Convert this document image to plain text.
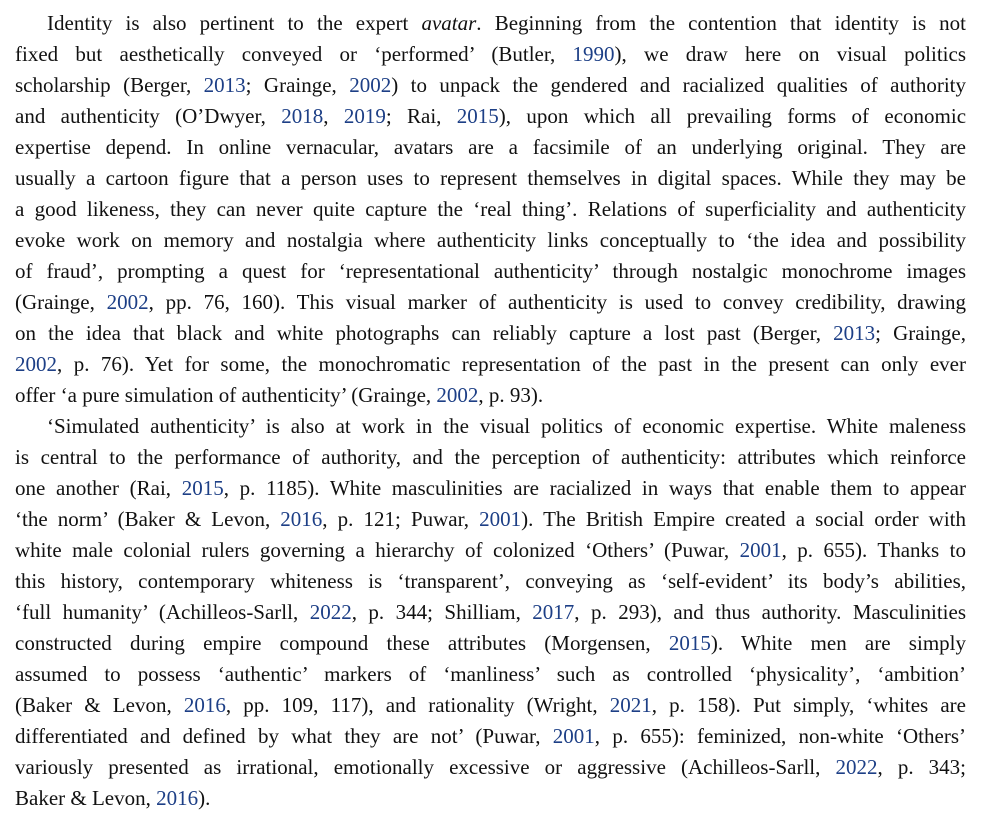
Identity is also pertinent to the expert avatar. Beginning from the contention that identity is not

fixed but aesthetically conveyed or ‘performed’ (Butler, 1990), we draw here on visual politics

scholarship (Berger, 2013; Grainge, 2002) to unpack the gendered and racialized qualities of authority

and authenticity (O’Dwyer, 2018, 2019; Rai, 2015), upon which all prevailing forms of economic

expertise depend. In online vernacular, avatars are a facsimile of an underlying original. They are

usually a cartoon figure that a person uses to represent themselves in digital spaces. While they may be

a good likeness, they can never quite capture the ‘real thing’. Relations of superficiality and authenticity

evoke work on memory and nostalgia where authenticity links conceptually to ‘the idea and possibility

of fraud’, prompting a quest for ‘representational authenticity’ through nostalgic monochrome images

(Grainge, 2002, pp. 76, 160). This visual marker of authenticity is used to convey credibility, drawing

on the idea that black and white photographs can reliably capture a lost past (Berger, 2013; Grainge,

2002, p. 76). Yet for some, the monochromatic representation of the past in the present can only ever

offer ‘a pure simulation of authenticity’ (Grainge, 2002, p. 93).

‘Simulated authenticity’ is also at work in the visual politics of economic expertise. White maleness

is central to the performance of authority, and the perception of authenticity: attributes which reinforce

one another (Rai, 2015, p. 1185). White masculinities are racialized in ways that enable them to appear

‘the norm’ (Baker & Levon, 2016, p. 121; Puwar, 2001). The British Empire created a social order with

white male colonial rulers governing a hierarchy of colonized ‘Others’ (Puwar, 2001, p. 655). Thanks to

this history, contemporary whiteness is ‘transparent’, conveying as ‘self-evident’ its body’s abilities,

‘full humanity’ (Achilleos-Sarll, 2022, p. 344; Shilliam, 2017, p. 293), and thus authority. Masculinities

constructed during empire compound these attributes (Morgensen, 2015). White men are simply

assumed to possess ‘authentic’ markers of ‘manliness’ such as controlled ‘physicality’, ‘ambition’

(Baker & Levon, 2016, pp. 109, 117), and rationality (Wright, 2021, p. 158). Put simply, ‘whites are

differentiated and defined by what they are not’ (Puwar, 2001, p. 655): feminized, non-white ‘Others’

variously presented as irrational, emotionally excessive or aggressive (Achilleos-Sarll, 2022, p. 343;

Baker & Levon, 2016).
